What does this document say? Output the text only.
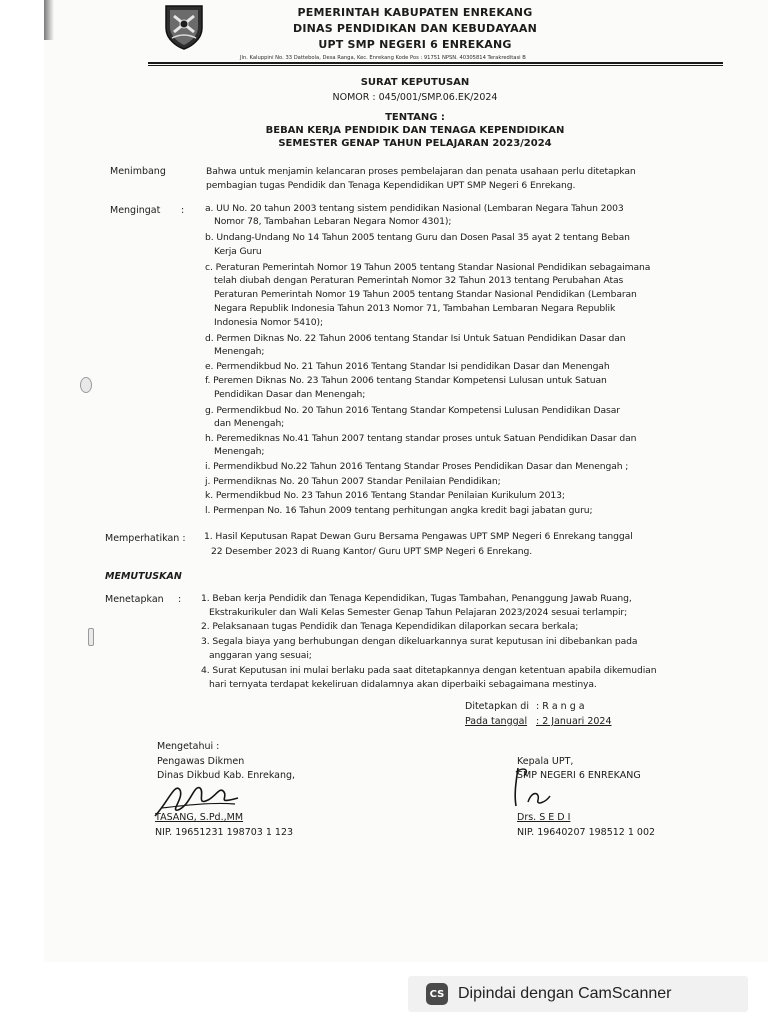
PEMERINTAH KABUPATEN ENREKANG
DINAS PENDIDIKAN DAN KEBUDAYAAN
UPT SMP NEGERI 6 ENREKANG
Jln. Kaluppini No. 33 Dattebola, Desa Ranga, Kec. Enrekang Kode Pos : 91751 NPSN. 40305814 Terakreditasi B
SURAT KEPUTUSAN
NOMOR : 045/001/SMP.06.EK/2024
TENTANG :
BEBAN KERJA PENDIDIK DAN TENAGA KEPENDIDIKAN
SEMESTER GENAP TAHUN PELAJARAN 2023/2024
Menimbang	Bahwa untuk menjamin kelancaran proses pembelajaran dan penata usahaan perlu ditetapkan
pembagian tugas Pendidik dan Tenaga Kependidikan UPT SMP Negeri 6 Enrekang.
Mengingat : a. UU No. 20 tahun 2003 tentang sistem pendidikan Nasional (Lembaran Negara Tahun 2003
Nomor 78, Tambahan Lebaran Negara Nomor 4301);
b. Undang-Undang No 14 Tahun 2005 tentang Guru dan Dosen Pasal 35 ayat 2 tentang Beban
Kerja Guru
c. Peraturan Pemerintah Nomor 19 Tahun 2005 tentang Standar Nasional Pendidikan sebagaimana
telah diubah dengan Peraturan Pemerintah Nomor 32 Tahun 2013 tentang Perubahan Atas
Peraturan Pemerintah Nomor 19 Tahun 2005 tentang Standar Nasional Pendidikan (Lembaran
Negara Republik Indonesia Tahun 2013 Nomor 71, Tambahan Lembaran Negara Republik
Indonesia Nomor 5410);
d. Permen Diknas No. 22 Tahun 2006 tentang Standar Isi Untuk Satuan Pendidikan Dasar dan
Menengah;
e. Permendikbud No. 21 Tahun 2016 Tentang Standar Isi pendidikan Dasar dan Menengah
f. Peremen Diknas No. 23 Tahun 2006 tentang Standar Kompetensi Lulusan untuk Satuan
Pendidikan Dasar dan Menengah;
g. Permendikbud No. 20 Tahun 2016 Tentang Standar Kompetensi Lulusan Pendidikan Dasar
dan Menengah;
h. Peremediknas No.41 Tahun 2007 tentang standar proses untuk Satuan Pendidikan Dasar dan
Menengah;
i. Permendikbud No.22 Tahun 2016 Tentang Standar Proses Pendidikan Dasar dan Menengah ;
j. Permendiknas No. 20 Tahun 2007 Standar Penilaian Pendidikan;
k. Permendikbud No. 23 Tahun 2016 Tentang Standar Penilaian Kurikulum 2013;
l. Permenpan No. 16 Tahun 2009 tentang perhitungan angka kredit bagi jabatan guru;
Memperhatikan : 1. Hasil Keputusan Rapat Dewan Guru Bersama Pengawas UPT SMP Negeri 6 Enrekang tanggal
22 Desember 2023 di Ruang Kantor/ Guru UPT SMP Negeri 6 Enrekang.
MEMUTUSKAN
Menetapkan : 1. Beban kerja Pendidik dan Tenaga Kependidikan, Tugas Tambahan, Penanggung Jawab Ruang,
Ekstrakurikuler dan Wali Kelas Semester Genap Tahun Pelajaran 2023/2024 sesuai terlampir;
2. Pelaksanaan tugas Pendidik dan Tenaga Kependidikan dilaporkan secara berkala;
3. Segala biaya yang berhubungan dengan dikeluarkannya surat keputusan ini dibebankan pada
anggaran yang sesuai;
4. Surat Keputusan ini mulai berlaku pada saat ditetapkannya dengan ketentuan apabila dikemudian
hari ternyata terdapat kekeliruan didalamnya akan diperbaiki sebagaimana mestinya.
Ditetapkan di : R a n g a
Pada tanggal : 2 Januari 2024
Mengetahui :
Pengawas Dikmen
Dinas Dikbud Kab. Enrekang,
TASANG, S.Pd.,MM
NIP. 19651231 198703 1 123
Kepala UPT,
SMP NEGERI 6 ENREKANG
Drs. S E D I
NIP. 19640207 198512 1 002
CS Dipindai dengan CamScanner
